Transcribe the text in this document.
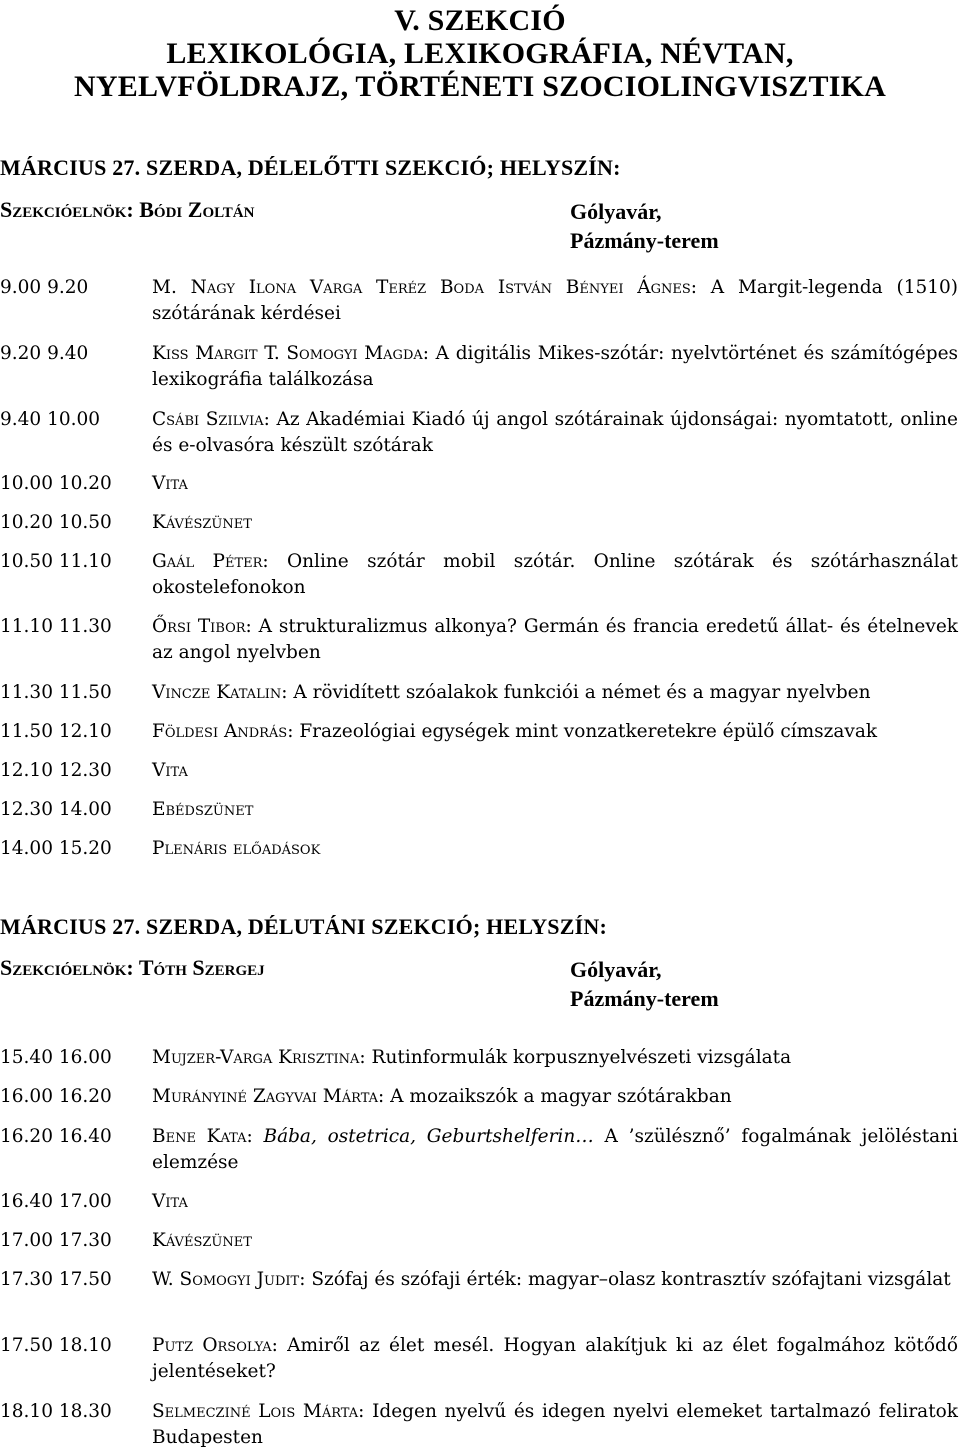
V. SZEKCIÓ
LEXIKOLÓGIA, LEXIKOGRÁFIA, NÉVTAN,
NYELVFÖLDRAJZ, TÖRTÉNETI SZOCIOLINGVISZTIKA
MÁRCIUS 27. SZERDA, DÉLELŐTTI SZEKCIÓ; HELYSZÍN:
Szekcióelnök: Bódi Zoltán	Gólyavár,
Pázmány-terem
9.00 9.20	M. Nagy Ilona Varga Teréz Boda István Bényei Ágnes: A Margit-legenda (1510) szótárának kérdései
9.20 9.40	Kiss Margit T. Somogyi Magda: A digitális Mikes-szótár: nyelvtörténet és számítógépes lexikográfia találkozása
9.40 10.00	Csábi Szilvia: Az Akadémiai Kiadó új angol szótárainak újdonságai: nyomtatott, online és e-olvasóra készült szótárak
10.00 10.20 Vita
10.20 10.50 Kávészünet
10.50 11.10 Gaál Péter: Online szótár mobil szótár. Online szótárak és szótárhasználat okostelefonokon
11.10 11.30 Őrsi Tibor: A strukturalizmus alkonya? Germán és francia eredetű állat- és ételnevek az angol nyelvben
11.30 11.50 Vincze Katalin: A rövidített szóalakok funkciói a német és a magyar nyelvben
11.50 12.10 Földesi András: Frazeológiai egységek mint vonzatkeretekre épülő címszavak
12.10 12.30 Vita
12.30 14.00 Ebédszünet
14.00 15.20 Plenáris előadások
MÁRCIUS 27. SZERDA, DÉLUTÁNI SZEKCIÓ; HELYSZÍN:
Szekcióelnök: Tóth Szergej	Gólyavár,
Pázmány-terem
15.40 16.00 Mujzer-Varga Krisztina: Rutinformulák korpusznyelvészeti vizsgálata
16.00 16.20 Murányiné Zagyvai Márta: A mozaikszók a magyar szótárakban
16.20 16.40 Bene Kata: Bába, ostetrica, Geburtshelferin… A ’szülésznő’ fogalmának jelöléstani elemzése
16.40 17.00 Vita
17.00 17.30 Kávészünet
17.30 17.50 W. Somogyi Judit: Szófaj és szófaji érték: magyar–olasz kontrasztív szófajtani vizsgálat
17.50 18.10 Putz Orsolya: Amiről az élet mesél. Hogyan alakítjuk ki az élet fogalmához kötődő jelentéseket?
18.10 18.30 Selmecziné Lois Márta: Idegen nyelvű és idegen nyelvi elemeket tartalmazó feliratok Budapesten
